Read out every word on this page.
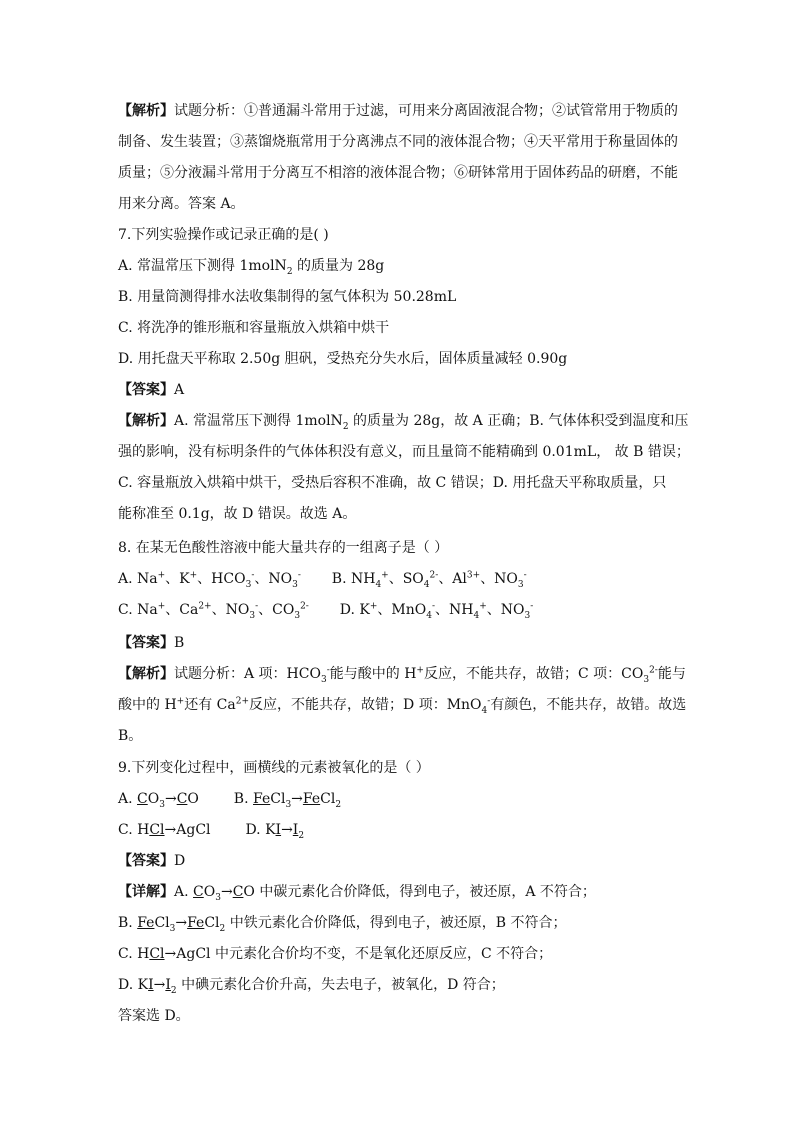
【解析】试题分析：①普通漏斗常用于过滤，可用来分离固液混合物；②试管常用于物质的
制备、发生装置；③蒸馏烧瓶常用于分离沸点不同的液体混合物；④天平常用于称量固体的
质量；⑤分液漏斗常用于分离互不相溶的液体混合物；⑥研钵常用于固体药品的研磨，不能
用来分离。答案 A。
7.下列实验操作或记录正确的是( )
A. 常温常压下测得 1molN$_2$ 的质量为 28g
B. 用量筒测得排水法收集制得的氢气体积为 50.28mL
C. 将洗净的锥形瓶和容量瓶放入烘箱中烘干
D. 用托盘天平称取 2.50g 胆矾，受热充分失水后，固体质量减轻 0.90g
【答案】A
【解析】A. 常温常压下测得 1molN$_2$ 的质量为 28g，故 A 正确；B. 气体体积受到温度和压
强的影响，没有标明条件的气体体积没有意义，而且量筒不能精确到 0.01mL， 故 B 错误；
C. 容量瓶放入烘箱中烘干，受热后容积不准确，故 C 错误；D. 用托盘天平称取质量，只
能称准至 0.1g，故 D 错误。故选 A。
8. 在某无色酸性溶液中能大量共存的一组离子是（ ）
A. Na+、K+、$HCO_3^-$、$NO_3^-$ B. $NH_4^+$、$SO_4^{2-}$、$Al^{3+}$、$NO_3^-$
C. Na+、$Ca^{2+}$、$NO_3^-$、$CO_3^{2-}$ D. K+、MnO$_4$-、$NH_4^+$、$NO_3^-$
【答案】B
【解析】试题分析：A 项：$HCO_3^-$能与酸中的 H+反应，不能共存，故错；C 项：$CO_3^{2-}$能与
酸中的 H+还有 $Ca^{2+}$反应，不能共存，故错；D 项：MnO$_4$-有颜色，不能共存，故错。故选
B。
9.下列变化过程中，画横线的元素被氧化的是（ ）
A. $CO_3\to CO$ B. FeCl$_3$→FeCl$_2$
C. HCl→AgCl D. $KI\to I_2$
【答案】D
【详解】A. $CO_3\to CO$ 中碳元素化合价降低，得到电子，被还原，A 不符合；
B. FeCl$_3$→FeCl$_2$ 中铁元素化合价降低，得到电子，被还原，B 不符合；
C. HCl→AgCl 中元素化合价均不变，不是氧化还原反应，C 不符合；
D. $KI\to I_2$ 中碘元素化合价升高，失去电子，被氧化，D 符合；
答案选 D。
